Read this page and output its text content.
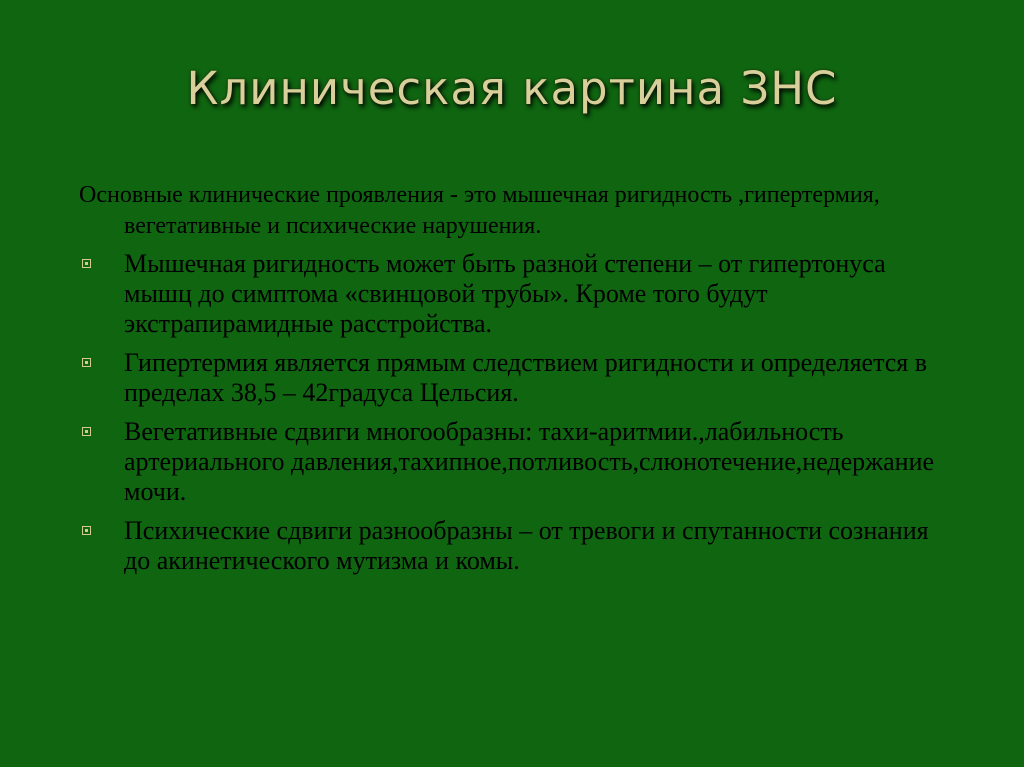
Клиническая картина ЗНС

Основные клинические проявления - это мышечная ригидность ,гипертермия, вегетативные и психические нарушения.

Мышечная ригидность может быть разной степени – от гипертонуса мышц до симптома «свинцовой трубы». Кроме того будут экстрапирамидные расстройства.
Гипертермия является прямым следствием ригидности и определяется в пределах 38,5 – 42градуса Цельсия.
Вегетативные сдвиги многообразны: тахи-аритмии.,лабильность артериального давления,тахипное,потливость,слюнотечение,недержание мочи.
Психические сдвиги разнообразны – от тревоги и спутанности сознания до акинетического мутизма и комы.
